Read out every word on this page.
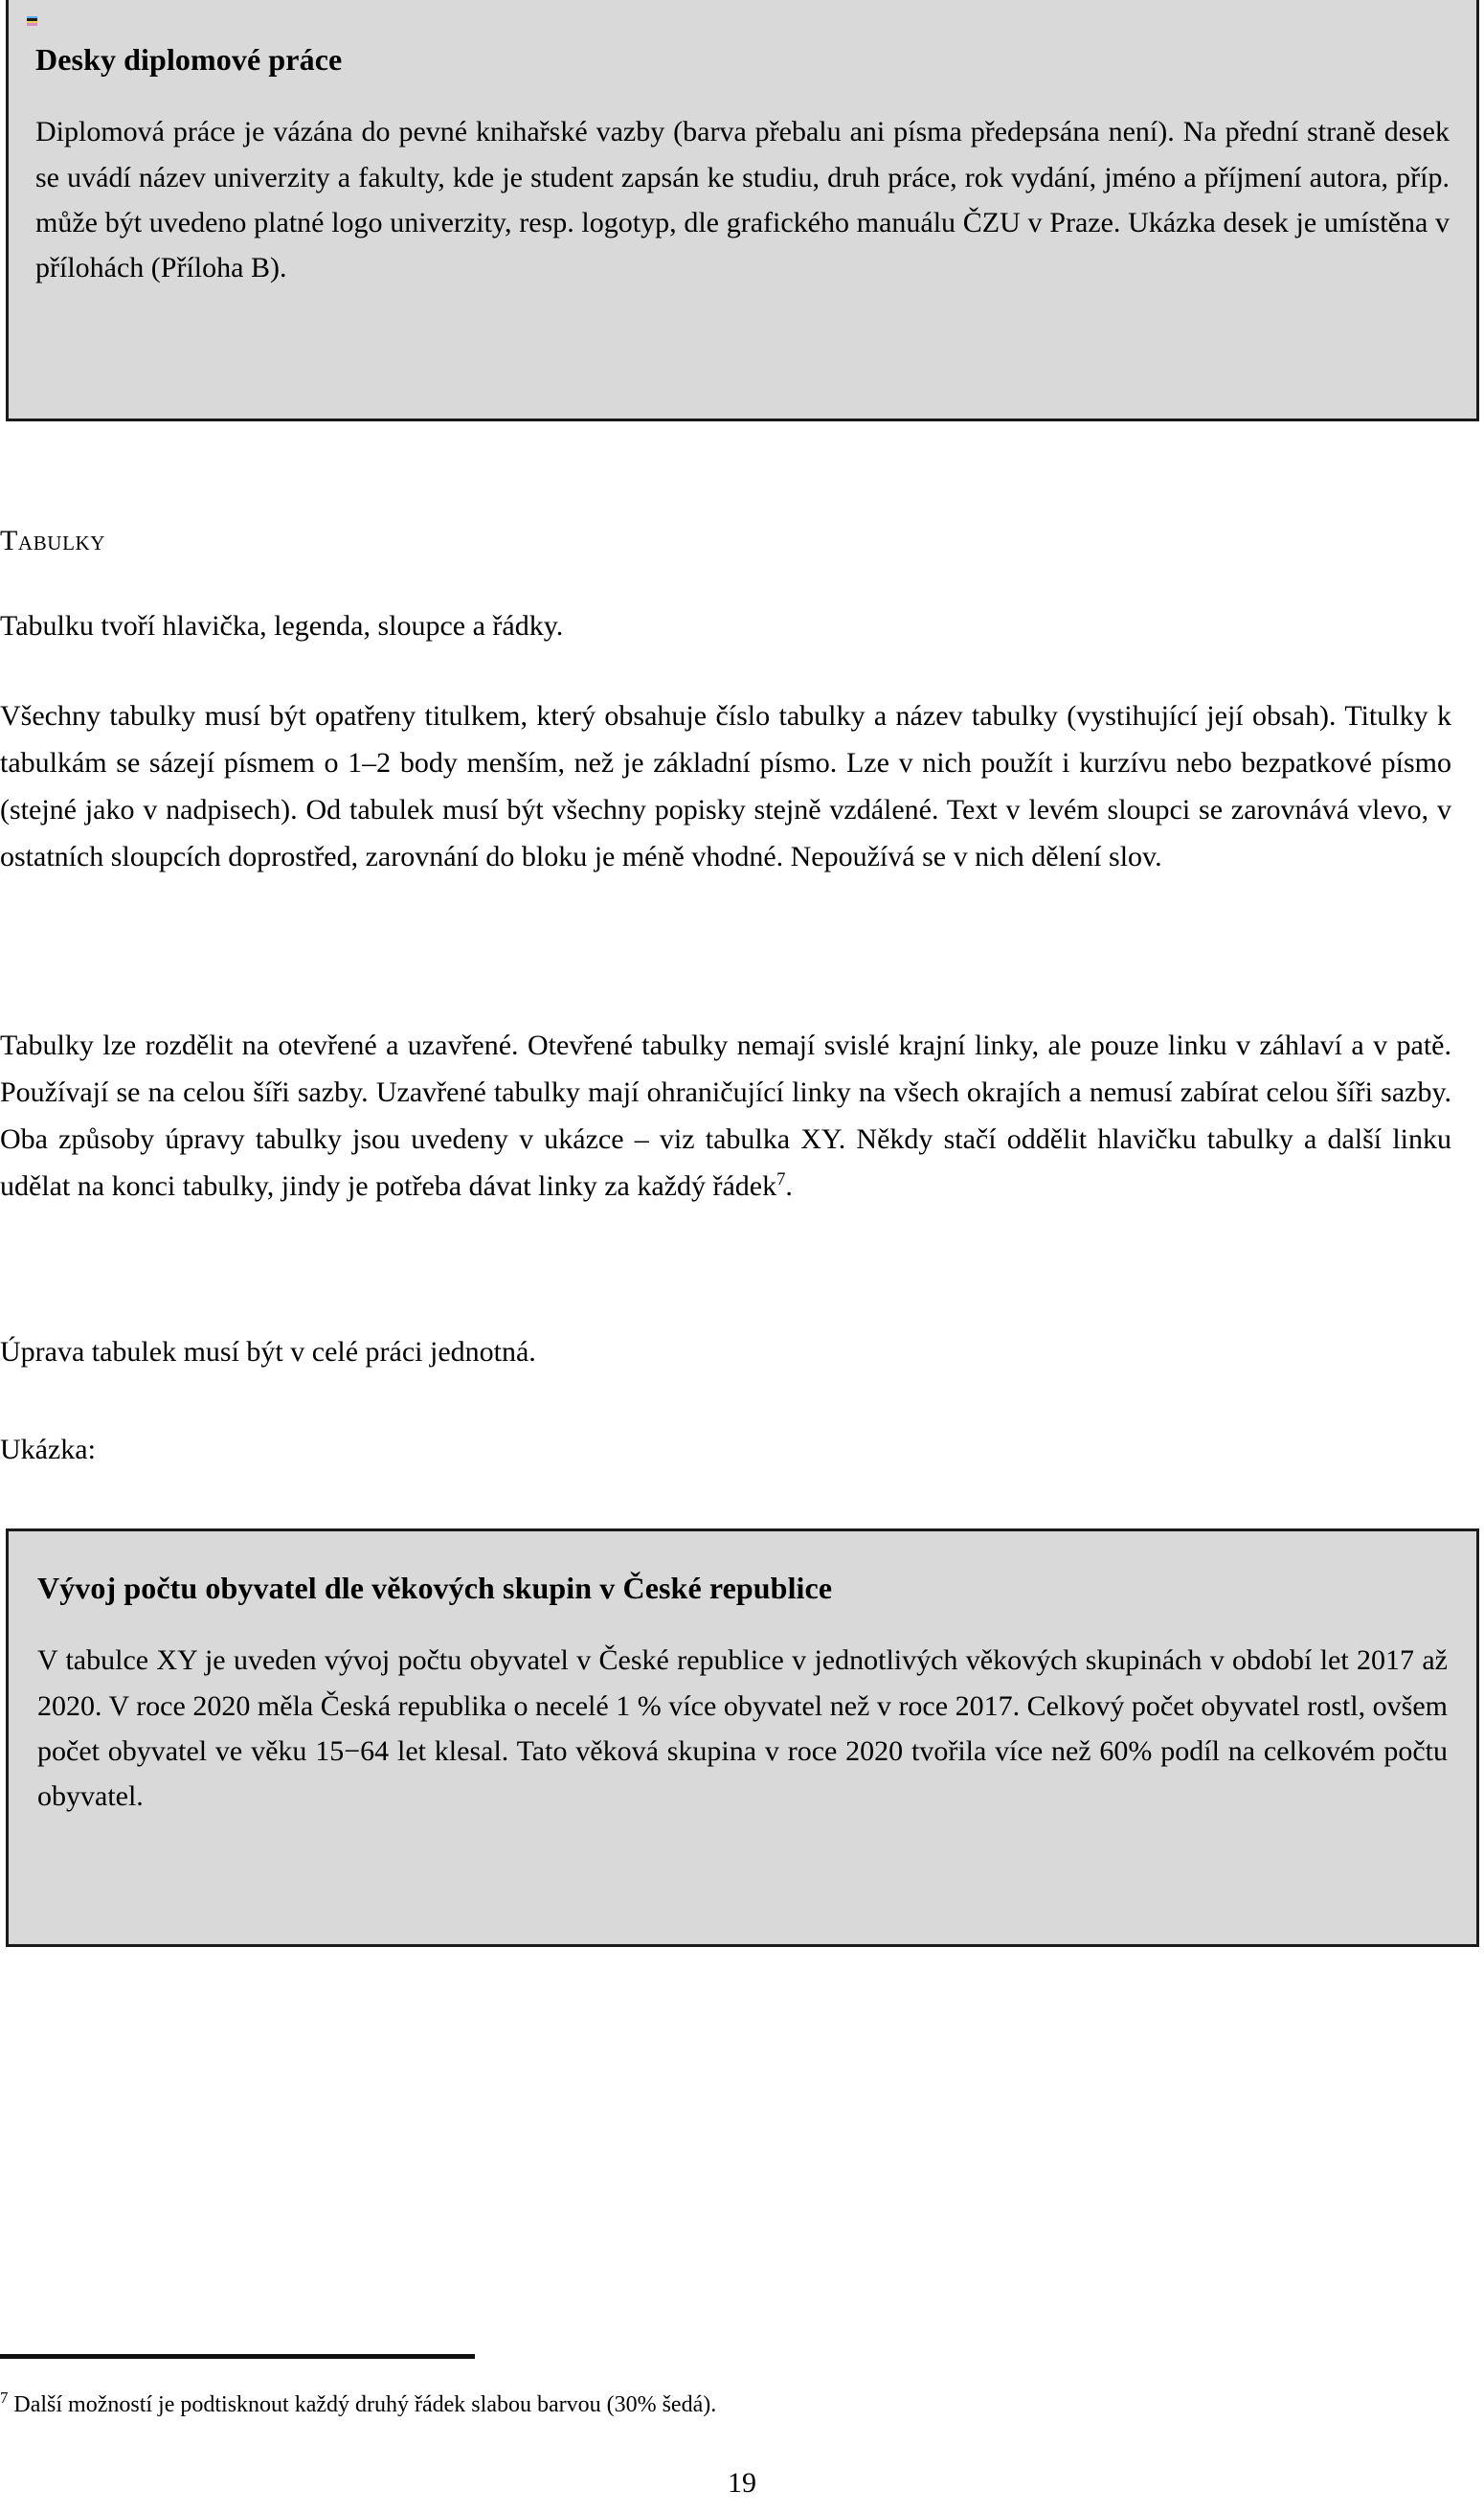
Desky diplomové práce

Diplomová práce je vázána do pevné knihařské vazby (barva přebalu ani písma předepsána není). Na přední straně desek se uvádí název univerzity a fakulty, kde je student zapsán ke studiu, druh práce, rok vydání, jméno a příjmení autora, příp. může být uvedeno platné logo univerzity, resp. logotyp, dle grafického manuálu ČZU v Praze. Ukázka desek je umístěna v přílohách (Příloha B).

Tabulky
Tabulku tvoří hlavička, legenda, sloupce a řádky.
Všechny tabulky musí být opatřeny titulkem, který obsahuje číslo tabulky a název tabulky (vystihující její obsah). Titulky k tabulkám se sázejí písmem o 1–2 body menším, než je základní písmo. Lze v nich použít i kurzívu nebo bezpatkové písmo (stejné jako v nadpisech). Od tabulek musí být všechny popisky stejně vzdálené. Text v levém sloupci se zarovnává vlevo, v ostatních sloupcích doprostřed, zarovnání do bloku je méně vhodné. Nepoužívá se v nich dělení slov.
Tabulky lze rozdělit na otevřené a uzavřené. Otevřené tabulky nemají svislé krajní linky, ale pouze linku v záhlaví a v patě. Používají se na celou šíři sazby. Uzavřené tabulky mají ohraničující linky na všech okrajích a nemusí zabírat celou šíři sazby. Oba způsoby úpravy tabulky jsou uvedeny v ukázce – viz tabulka XY. Někdy stačí oddělit hlavičku tabulky a další linku udělat na konci tabulky, jindy je potřeba dávat linky za každý řádek$^7$.
Úprava tabulek musí být v celé práci jednotná.
Ukázka:
Vývoj počtu obyvatel dle věkových skupin v České republice

V tabulce XY je uveden vývoj počtu obyvatel v České republice v jednotlivých věkových skupinách v období let 2017 až 2020. V roce 2020 měla Česká republika o necelé 1 % více obyvatel než v roce 2017. Celkový počet obyvatel rostl, ovšem počet obyvatel ve věku 15−64 let klesal. Tato věková skupina v roce 2020 tvořila více než 60% podíl na celkovém počtu obyvatel.

$^7$ Další možností je podtisknout každý druhý řádek slabou barvou (30% šedá).
19
